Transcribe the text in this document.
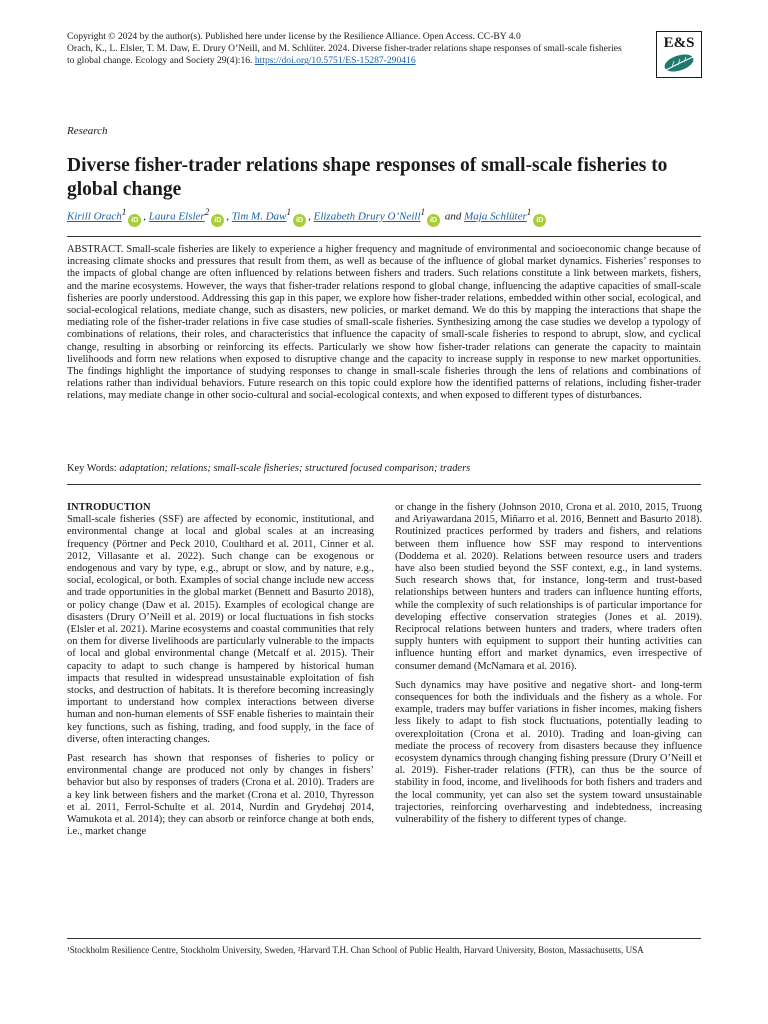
Copyright © 2024 by the author(s). Published here under license by the Resilience Alliance. Open Access. CC-BY 4.0
Orach, K., L. Elsler, T. M. Daw, E. Drury O’Neill, and M. Schlüter. 2024. Diverse fisher-trader relations shape responses of small-scale fisheries to global change. Ecology and Society 29(4):16. https://doi.org/10.5751/ES-15287-290416
E&S
Research
Diverse fisher-trader relations shape responses of small-scale fisheries to global change
Kirill Orach$^1$iD , Laura Elsler$^2$iD , Tim M. Daw$^1$iD , Elizabeth Drury O’Neill$^1$iD and Maja Schlüter$^1$iD
ABSTRACT. Small-scale fisheries are likely to experience a higher frequency and magnitude of environmental and socioeconomic change because of increasing climate shocks and pressures that result from them, as well as because of the influence of global market dynamics. Fisheries’ responses to the impacts of global change are often influenced by relations between fishers and traders. Such relations constitute a link between markets, fishers, and the marine ecosystems. However, the ways that fisher-trader relations respond to global change, influencing the adaptive capacities of small-scale fisheries are poorly understood. Addressing this gap in this paper, we explore how fisher-trader relations, embedded within other social, ecological, and social-ecological relations, mediate change, such as disasters, new policies, or market demand. We do this by mapping the interactions that shape the mediating role of the fisher-trader relations in five case studies of small-scale fisheries. Synthesizing among the case studies we develop a typology of combinations of relations, their roles, and characteristics that influence the capacity of small-scale fisheries to respond to abrupt, slow, and cyclical change, resulting in absorbing or reinforcing its effects. Particularly we show how fisher-trader relations can generate the capacity to maintain livelihoods and form new relations when exposed to disruptive change and the capacity to increase supply in response to new market opportunities. The findings highlight the importance of studying responses to change in small-scale fisheries through the lens of relations and combinations of relations rather than individual behaviors. Future research on this topic could explore how the identified patterns of relations, including fisher-trader relations, may mediate change in other socio-cultural and social-ecological contexts, and when exposed to different types of disturbances.
Key Words: adaptation; relations; small-scale fisheries; structured focused comparison; traders
INTRODUCTION

Small-scale fisheries (SSF) are affected by economic, institutional, and environmental change at local and global scales at an increasing frequency (Pörtner and Peck 2010, Coulthard et al. 2011, Cinner et al. 2012, Villasante et al. 2022). Such change can be exogenous or endogenous and vary by type, e.g., abrupt or slow, and by nature, e.g., social, ecological, or both. Examples of social change include new access and trade opportunities in the global market (Bennett and Basurto 2018), or policy change (Daw et al. 2015). Examples of ecological change are disasters (Drury O’Neill et al. 2019) or local fluctuations in fish stocks (Elsler et al. 2021). Marine ecosystems and coastal communities that rely on them for diverse livelihoods are particularly vulnerable to the impacts of local and global environmental change (Metcalf et al. 2015). Their capacity to adapt to such change is hampered by historical human impacts that resulted in widespread unsustainable exploitation of fish stocks, and destruction of habitats. It is therefore becoming increasingly important to understand how complex interactions between diverse human and non-human elements of SSF enable fisheries to maintain their key functions, such as fishing, trading, and food supply, in the face of diverse, often interacting changes.

Past research has shown that responses of fisheries to policy or environmental change are produced not only by changes in fishers’ behavior but also by responses of traders (Crona et al. 2010). Traders are a key link between fishers and the market (Crona et al. 2010, Thyresson et al. 2011, Ferrol-Schulte et al. 2014, Nurdin and Grydehøj 2014, Wamukota et al. 2014); they can absorb or reinforce change at both ends, i.e., market change

or change in the fishery (Johnson 2010, Crona et al. 2010, 2015, Truong and Ariyawardana 2015, Miñarro et al. 2016, Bennett and Basurto 2018). Routinized practices performed by traders and fishers, and relations between them influence how SSF may respond to interventions (Doddema et al. 2020). Relations between resource users and traders have also been studied beyond the SSF context, e.g., in land systems. Such research shows that, for instance, long-term and trust-based relationships between hunters and traders can influence hunting efforts, while the complexity of such relationships is of particular importance for developing effective conservation strategies (Jones et al. 2019). Reciprocal relations between hunters and traders, where traders often supply hunters with equipment to support their hunting activities can influence hunting effort and market dynamics, even irrespective of consumer demand (McNamara et al. 2016).

Such dynamics may have positive and negative short- and long-term consequences for both the individuals and the fishery as a whole. For example, traders may buffer variations in fisher incomes, making fishers less likely to adapt to fish stock fluctuations, potentially leading to overexploitation (Crona et al. 2010). Trading and loan-giving can mediate the process of recovery from disasters because they influence ecosystem dynamics through changing fishing pressure (Drury O’Neill et al. 2019). Fisher-trader relations (FTR), can thus be the source of stability in food, income, and livelihoods for both fishers and traders and the local community, yet can also set the system toward unsustainable trajectories, reinforcing overharvesting and indebtedness, increasing vulnerability of the fishery to different types of change.

¹Stockholm Resilience Centre, Stockholm University, Sweden, ²Harvard T.H. Chan School of Public Health, Harvard University, Boston, Massachusetts, USA
